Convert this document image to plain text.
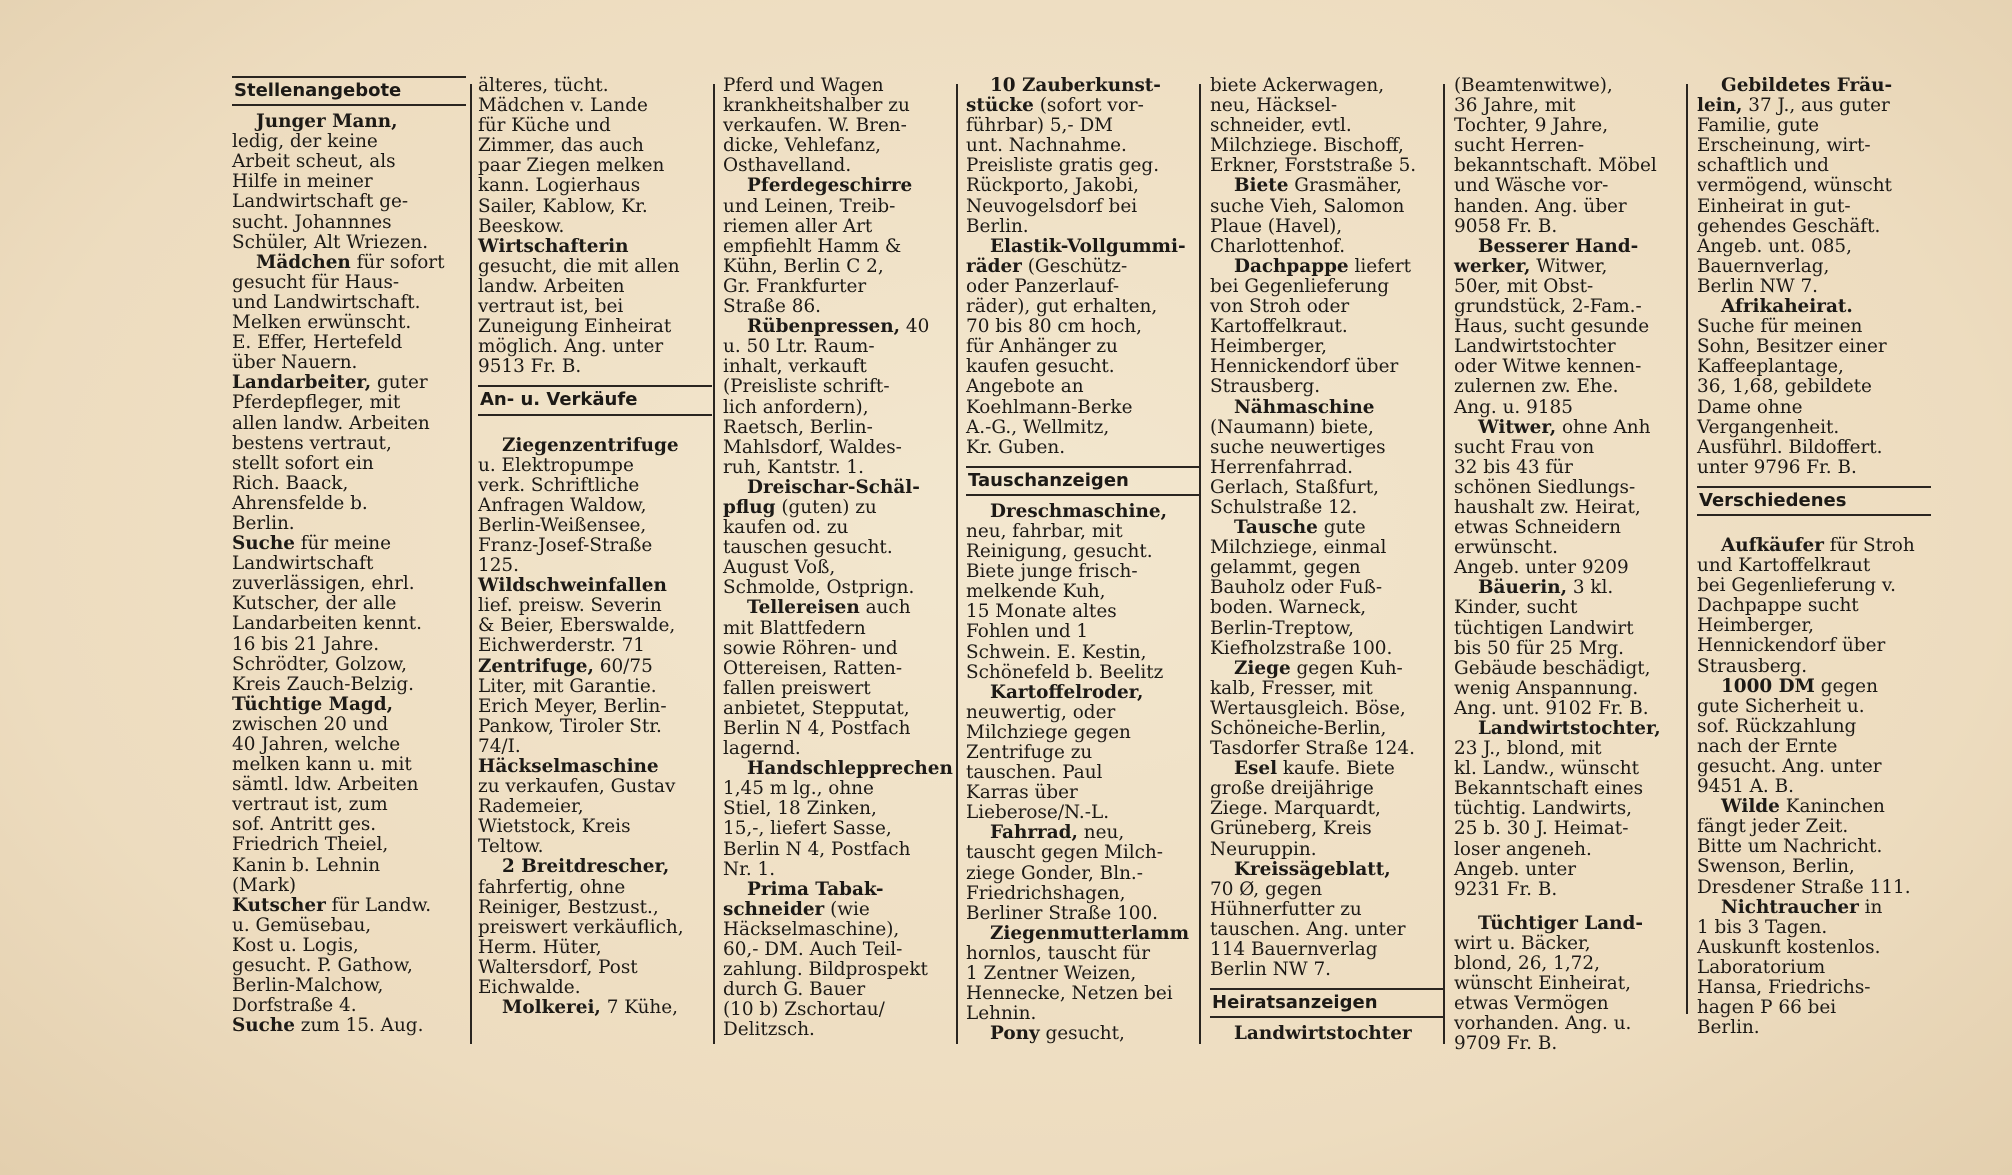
Stellenangebote
Junger Mann,
ledig, der keine
Arbeit scheut, als
Hilfe in meiner
Landwirtschaft ge-
sucht. Johannnes
Schüler, Alt Wriezen.
Mädchen für sofort
gesucht für Haus-
und Landwirtschaft.
Melken erwünscht.
E. Effer, Hertefeld
über Nauern.
Landarbeiter, guter
Pferdepfleger, mit
allen landw. Arbeiten
bestens vertraut,
stellt sofort ein
Rich. Baack,
Ahrensfelde b.
Berlin.
Suche für meine
Landwirtschaft
zuverlässigen, ehrl.
Kutscher, der alle
Landarbeiten kennt.
16 bis 21 Jahre.
Schrödter, Golzow,
Kreis Zauch-Belzig.
Tüchtige Magd,
zwischen 20 und
40 Jahren, welche
melken kann u. mit
sämtl. ldw. Arbeiten
vertraut ist, zum
sof. Antritt ges.
Friedrich Theiel,
Kanin b. Lehnin
(Mark)
Kutscher für Landw.
u. Gemüsebau,
Kost u. Logis,
gesucht. P. Gathow,
Berlin-Malchow,
Dorfstraße 4.
Suche zum 15. Aug.
älteres, tücht.
Mädchen v. Lande
für Küche und
Zimmer, das auch
paar Ziegen melken
kann. Logierhaus
Sailer, Kablow, Kr.
Beeskow.
Wirtschafterin
gesucht, die mit allen
landw. Arbeiten
vertraut ist, bei
Zuneigung Einheirat
möglich. Ang. unter
9513 Fr. B.
An- u. Verkäufe
Ziegenzentrifuge
u. Elektropumpe
verk. Schriftliche
Anfragen Waldow,
Berlin-Weißensee,
Franz-Josef-Straße
125.
Wildschweinfallen
lief. preisw. Severin
& Beier, Eberswalde,
Eichwerderstr. 71
Zentrifuge, 60/75
Liter, mit Garantie.
Erich Meyer, Berlin-
Pankow, Tiroler Str.
74/I.
Häckselmaschine
zu verkaufen, Gustav
Rademeier,
Wietstock, Kreis
Teltow.
2 Breitdrescher,
fahrfertig, ohne
Reiniger, Bestzust.,
preiswert verkäuflich,
Herm. Hüter,
Waltersdorf, Post
Eichwalde.
Molkerei, 7 Kühe,
Pferd und Wagen
krankheitshalber zu
verkaufen. W. Bren-
dicke, Vehlefanz,
Osthavelland.
Pferdegeschirre
und Leinen, Treib-
riemen aller Art
empfiehlt Hamm &
Kühn, Berlin C 2,
Gr. Frankfurter
Straße 86.
Rübenpressen, 40
u. 50 Ltr. Raum-
inhalt, verkauft
(Preisliste schrift-
lich anfordern),
Raetsch, Berlin-
Mahlsdorf, Waldes-
ruh, Kantstr. 1.
Dreischar-Schäl-
pflug (guten) zu
kaufen od. zu
tauschen gesucht.
August Voß,
Schmolde, Ostprign.
Tellereisen auch
mit Blattfedern
sowie Röhren- und
Ottereisen, Ratten-
fallen preiswert
anbietet, Stepputat,
Berlin N 4, Postfach
lagernd.
Handschlepprechen
1,45 m lg., ohne
Stiel, 18 Zinken,
15,-, liefert Sasse,
Berlin N 4, Postfach
Nr. 1.
Prima Tabak-
schneider (wie
Häckselmaschine),
60,- DM. Auch Teil-
zahlung. Bildprospekt
durch G. Bauer
(10 b) Zschortau/
Delitzsch.
10 Zauberkunst-
stücke (sofort vor-
führbar) 5,- DM
unt. Nachnahme.
Preisliste gratis geg.
Rückporto, Jakobi,
Neuvogelsdorf bei
Berlin.
Elastik-Vollgummi-
räder (Geschütz-
oder Panzerlauf-
räder), gut erhalten,
70 bis 80 cm hoch,
für Anhänger zu
kaufen gesucht.
Angebote an
Koehlmann-Berke
A.-G., Wellmitz,
Kr. Guben.
Tauschanzeigen
Dreschmaschine,
neu, fahrbar, mit
Reinigung, gesucht.
Biete junge frisch-
melkende Kuh,
15 Monate altes
Fohlen und 1
Schwein. E. Kestin,
Schönefeld b. Beelitz
Kartoffelroder,
neuwertig, oder
Milchziege gegen
Zentrifuge zu
tauschen. Paul
Karras über
Lieberose/N.-L.
Fahrrad, neu,
tauscht gegen Milch-
ziege Gonder, Bln.-
Friedrichshagen,
Berliner Straße 100.
Ziegenmutterlamm
hornlos, tauscht für
1 Zentner Weizen,
Hennecke, Netzen bei
Lehnin.
Pony gesucht,
biete Ackerwagen,
neu, Häcksel-
schneider, evtl.
Milchziege. Bischoff,
Erkner, Forststraße 5.
Biete Grasmäher,
suche Vieh, Salomon
Plaue (Havel),
Charlottenhof.
Dachpappe liefert
bei Gegenlieferung
von Stroh oder
Kartoffelkraut.
Heimberger,
Hennickendorf über
Strausberg.
Nähmaschine
(Naumann) biete,
suche neuwertiges
Herrenfahrrad.
Gerlach, Staßfurt,
Schulstraße 12.
Tausche gute
Milchziege, einmal
gelammt, gegen
Bauholz oder Fuß-
boden. Warneck,
Berlin-Treptow,
Kiefholzstraße 100.
Ziege gegen Kuh-
kalb, Fresser, mit
Wertausgleich. Böse,
Schöneiche-Berlin,
Tasdorfer Straße 124.
Esel kaufe. Biete
große dreijährige
Ziege. Marquardt,
Grüneberg, Kreis
Neuruppin.
Kreissägeblatt,
70 Ø, gegen
Hühnerfutter zu
tauschen. Ang. unter
114 Bauernverlag
Berlin NW 7.
Heiratsanzeigen
Landwirtstochter
(Beamtenwitwe),
36 Jahre, mit
Tochter, 9 Jahre,
sucht Herren-
bekanntschaft. Möbel
und Wäsche vor-
handen. Ang. über
9058 Fr. B.
Besserer Hand-
werker, Witwer,
50er, mit Obst-
grundstück, 2-Fam.-
Haus, sucht gesunde
Landwirtstochter
oder Witwe kennen-
zulernen zw. Ehe.
Ang. u. 9185
Witwer, ohne Anh
sucht Frau von
32 bis 43 für
schönen Siedlungs-
haushalt zw. Heirat,
etwas Schneidern
erwünscht.
Angeb. unter 9209
Bäuerin, 3 kl.
Kinder, sucht
tüchtigen Landwirt
bis 50 für 25 Mrg.
Gebäude beschädigt,
wenig Anspannung.
Ang. unt. 9102 Fr. B.
Landwirtstochter,
23 J., blond, mit
kl. Landw., wünscht
Bekanntschaft eines
tüchtig. Landwirts,
25 b. 30 J. Heimat-
loser angeneh.
Angeb. unter
9231 Fr. B.
Tüchtiger Land-
wirt u. Bäcker,
blond, 26, 1,72,
wünscht Einheirat,
etwas Vermögen
vorhanden. Ang. u.
9709 Fr. B.
Gebildetes Fräu-
lein, 37 J., aus guter
Familie, gute
Erscheinung, wirt-
schaftlich und
vermögend, wünscht
Einheirat in gut-
gehendes Geschäft.
Angeb. unt. 085,
Bauernverlag,
Berlin NW 7.
Afrikaheirat.
Suche für meinen
Sohn, Besitzer einer
Kaffeeplantage,
36, 1,68, gebildete
Dame ohne
Vergangenheit.
Ausführl. Bildoffert.
unter 9796 Fr. B.
Verschiedenes
Aufkäufer für Stroh
und Kartoffelkraut
bei Gegenlieferung v.
Dachpappe sucht
Heimberger,
Hennickendorf über
Strausberg.
1000 DM gegen
gute Sicherheit u.
sof. Rückzahlung
nach der Ernte
gesucht. Ang. unter
9451 A. B.
Wilde Kaninchen
fängt jeder Zeit.
Bitte um Nachricht.
Swenson, Berlin,
Dresdener Straße 111.
Nichtraucher in
1 bis 3 Tagen.
Auskunft kostenlos.
Laboratorium
Hansa, Friedrichs-
hagen P 66 bei
Berlin.
